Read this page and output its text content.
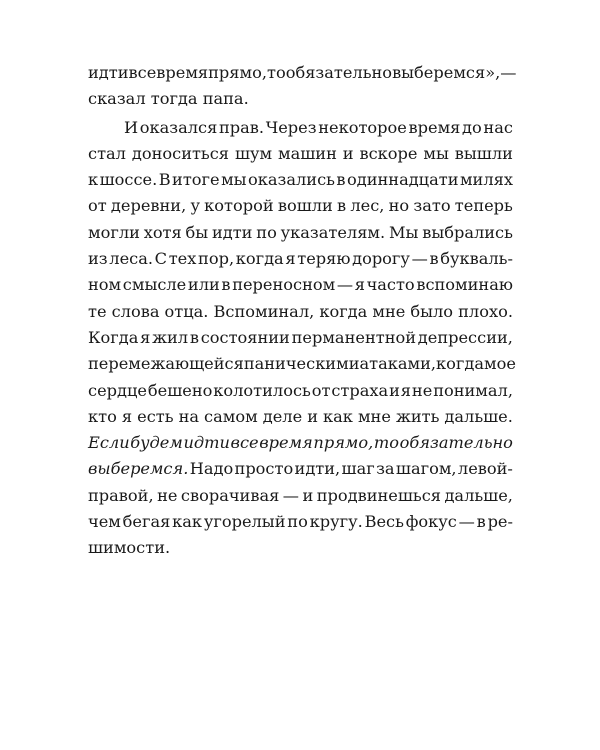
идти все время прямо, то обязательно выберемся»,—
сказал тогда папа.
И оказался прав. Через некоторое время до нас
стал доноситься шум машин и вскоре мы вышли
к шоссе. В итоге мы оказались в одиннадцати милях
от деревни, у которой вошли в лес, но зато теперь
могли хотя бы идти по указателям. Мы выбрались
из леса. С тех пор, когда я теряю дорогу — в букваль-
ном смысле или в переносном — я часто вспоминаю
те слова отца. Вспоминал, когда мне было плохо.
Когда я жил в состоянии перманентной депрессии,
перемежающейся паническими атаками, когда мое
сердце бешено колотилось от страха и я не понимал,
кто я есть на самом деле и как мне жить дальше.
Если будем идти все время прямо, то обязательно
выберемся. Надо просто идти, шаг за шагом, левой-
правой, не сворачивая — и продвинешься дальше,
чем бегая как угорелый по кругу. Весь фокус — в ре-
шимости.
